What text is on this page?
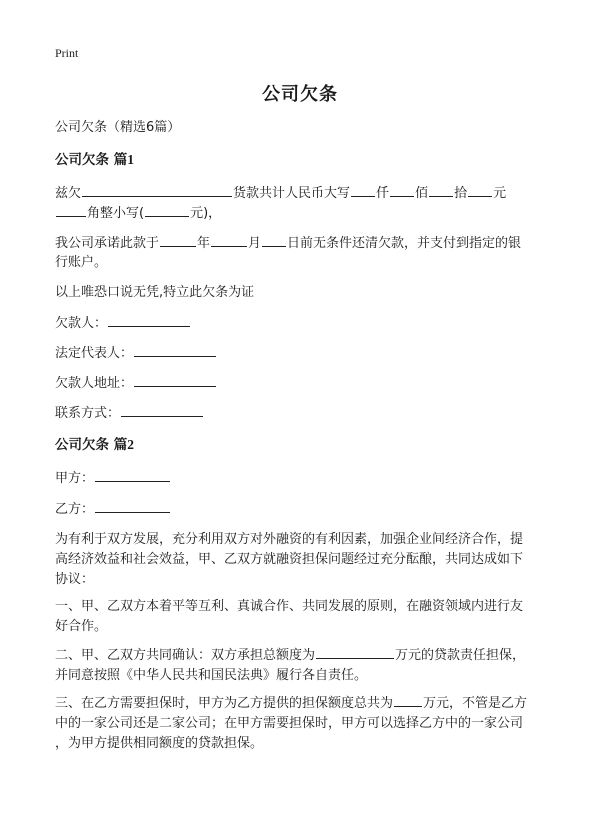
Print
公司欠条
公司欠条（精选6篇）
公司欠条 篇1
兹欠	货款共计人民币大写 仟 佰 拾 元
角整小写(	元)，
我公司承诺此款于	年	月 日前无条件还清欠款，并支付到指定的银
行账户。
以上唯恐口说无凭,特立此欠条为证
欠款人：
法定代表人：
欠款人地址：
联系方式：
公司欠条 篇2
甲方：
乙方：
为有利于双方发展，充分利用双方对外融资的有利因素，加强企业间经济合作，提
高经济效益和社会效益，甲、乙双方就融资担保问题经过充分酝酿，共同达成如下
协议：
一、甲、乙双方本着平等互利、真诚合作、共同发展的原则，在融资领域内进行友
好合作。
二、甲、乙双方共同确认：双方承担总额度为	万元的贷款责任担保，
并同意按照《中华人民共和国民法典》履行各自责任。
三、在乙方需要担保时，甲方为乙方提供的担保额度总共为 万元，不管是乙方
中的一家公司还是二家公司；在甲方需要担保时，甲方可以选择乙方中的一家公司
，为甲方提供相同额度的贷款担保。
